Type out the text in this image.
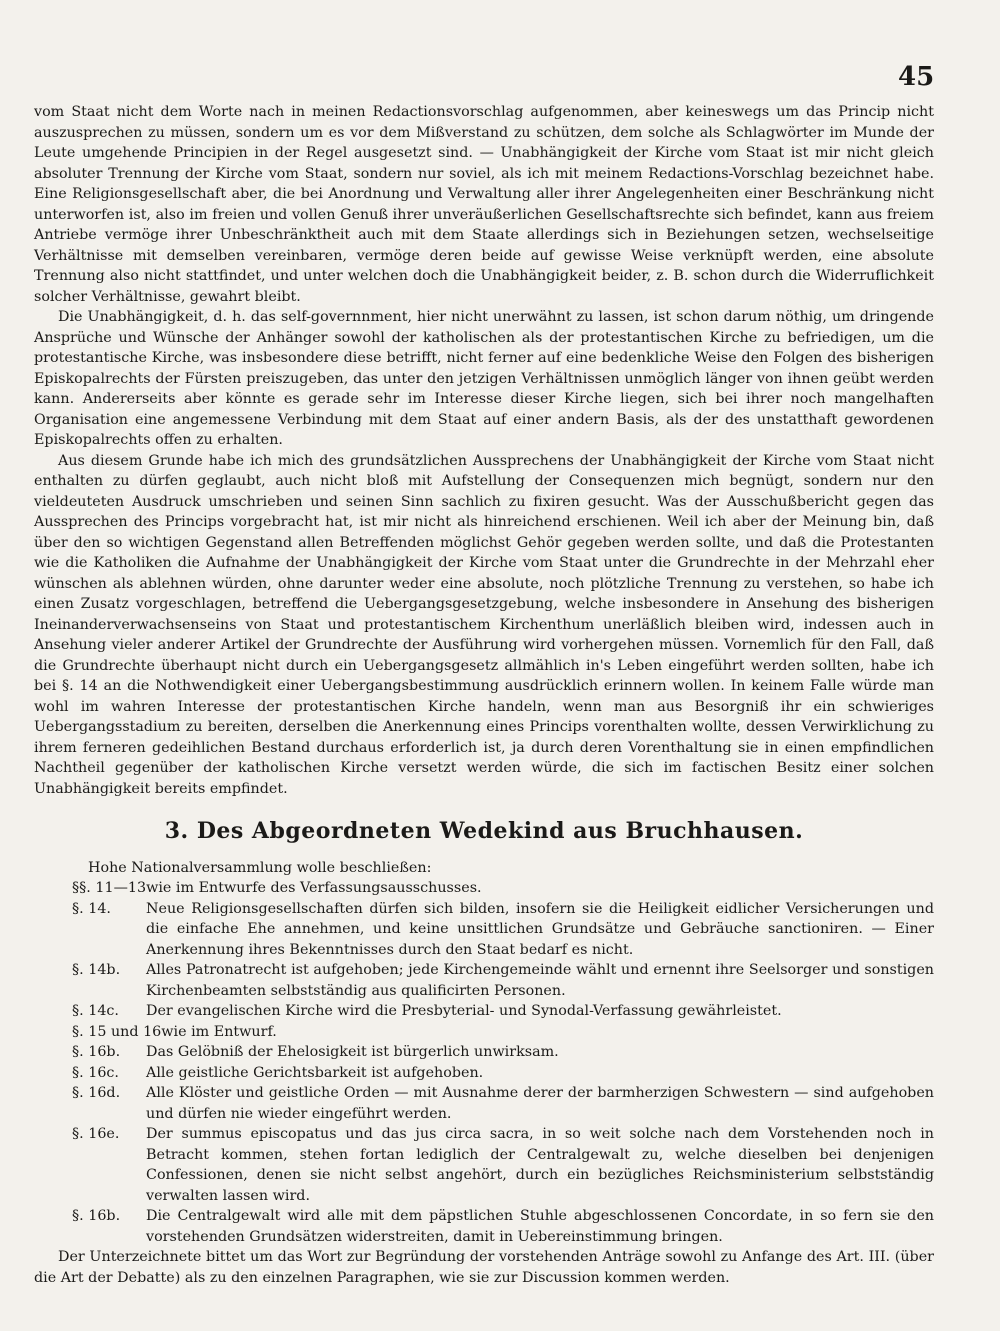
45

vom Staat nicht dem Worte nach in meinen Redactionsvorschlag aufgenommen, aber keineswegs um das Princip nicht auszusprechen zu müssen, sondern um es vor dem Mißverstand zu schützen, dem solche als Schlagwörter im Munde der Leute umgehende Principien in der Regel ausgesetzt sind. — Unabhängigkeit der Kirche vom Staat ist mir nicht gleich absoluter Trennung der Kirche vom Staat, sondern nur soviel, als ich mit meinem Redactions-Vorschlag bezeichnet habe. Eine Religionsgesellschaft aber, die bei Anordnung und Verwaltung aller ihrer Angelegenheiten einer Beschränkung nicht unterworfen ist, also im freien und vollen Genuß ihrer unveräußerlichen Gesellschaftsrechte sich befindet, kann aus freiem Antriebe vermöge ihrer Unbeschränktheit auch mit dem Staate allerdings sich in Beziehungen setzen, wechselseitige Verhältnisse mit demselben vereinbaren, vermöge deren beide auf gewisse Weise verknüpft werden, eine absolute Trennung also nicht stattfindet, und unter welchen doch die Unabhängigkeit beider, z. B. schon durch die Widerruflichkeit solcher Verhältnisse, gewahrt bleibt.

Die Unabhängigkeit, d. h. das self-governnment, hier nicht unerwähnt zu lassen, ist schon darum nöthig, um dringende Ansprüche und Wünsche der Anhänger sowohl der katholischen als der protestantischen Kirche zu befriedigen, um die protestantische Kirche, was insbesondere diese betrifft, nicht ferner auf eine bedenkliche Weise den Folgen des bisherigen Episkopalrechts der Fürsten preiszugeben, das unter den jetzigen Verhältnissen unmöglich länger von ihnen geübt werden kann. Andererseits aber könnte es gerade sehr im Interesse dieser Kirche liegen, sich bei ihrer noch mangelhaften Organisation eine angemessene Verbindung mit dem Staat auf einer andern Basis, als der des unstatthaft gewordenen Episkopalrechts offen zu erhalten.

Aus diesem Grunde habe ich mich des grundsätzlichen Aussprechens der Unabhängigkeit der Kirche vom Staat nicht enthalten zu dürfen geglaubt, auch nicht bloß mit Aufstellung der Consequenzen mich begnügt, sondern nur den vieldeuteten Ausdruck umschrieben und seinen Sinn sachlich zu fixiren gesucht. Was der Ausschußbericht gegen das Aussprechen des Princips vorgebracht hat, ist mir nicht als hinreichend erschienen. Weil ich aber der Meinung bin, daß über den so wichtigen Gegenstand allen Betreffenden möglichst Gehör gegeben werden sollte, und daß die Protestanten wie die Katholiken die Aufnahme der Unabhängigkeit der Kirche vom Staat unter die Grundrechte in der Mehrzahl eher wünschen als ablehnen würden, ohne darunter weder eine absolute, noch plötzliche Trennung zu verstehen, so habe ich einen Zusatz vorgeschlagen, betreffend die Uebergangsgesetzgebung, welche insbesondere in Ansehung des bisherigen Ineinanderverwachsenseins von Staat und protestantischem Kirchenthum unerläßlich bleiben wird, indessen auch in Ansehung vieler anderer Artikel der Grundrechte der Ausführung wird vorhergehen müssen. Vornemlich für den Fall, daß die Grundrechte überhaupt nicht durch ein Uebergangsgesetz allmählich in's Leben eingeführt werden sollten, habe ich bei §. 14 an die Nothwendigkeit einer Uebergangsbestimmung ausdrücklich erinnern wollen. In keinem Falle würde man wohl im wahren Interesse der protestantischen Kirche handeln, wenn man aus Besorgniß ihr ein schwieriges Uebergangsstadium zu bereiten, derselben die Anerkennung eines Princips vorenthalten wollte, dessen Verwirklichung zu ihrem ferneren gedeihlichen Bestand durchaus erforderlich ist, ja durch deren Vorenthaltung sie in einen empfindlichen Nachtheil gegenüber der katholischen Kirche versetzt werden würde, die sich im factischen Besitz einer solchen Unabhängigkeit bereits empfindet.

3. Des Abgeordneten Wedekind aus Bruchhausen.

Hohe Nationalversammlung wolle beschließen:

§§. 11—13 wie im Entwurfe des Verfassungsausschusses.
§. 14.	Neue Religionsgesellschaften dürfen sich bilden, insofern sie die Heiligkeit eidlicher Versicherungen und die einfache Ehe annehmen, und keine unsittlichen Grundsätze und Gebräuche sanctioniren. — Einer Anerkennung ihres Bekenntnisses durch den Staat bedarf es nicht.
§. 14b.	Alles Patronatrecht ist aufgehoben; jede Kirchengemeinde wählt und ernennt ihre Seelsorger und sonstigen Kirchenbeamten selbstständig aus qualificirten Personen.
§. 14c.	Der evangelischen Kirche wird die Presbyterial- und Synodal-Verfassung gewährleistet.
§. 15 und 16 wie im Entwurf.
§. 16b.	Das Gelöbniß der Ehelosigkeit ist bürgerlich unwirksam.
§. 16c.	Alle geistliche Gerichtsbarkeit ist aufgehoben.
§. 16d.	Alle Klöster und geistliche Orden — mit Ausnahme derer der barmherzigen Schwestern — sind aufgehoben und dürfen nie wieder eingeführt werden.
§. 16e.	Der summus episcopatus und das jus circa sacra, in so weit solche nach dem Vorstehenden noch in Betracht kommen, stehen fortan lediglich der Centralgewalt zu, welche dieselben bei denjenigen Confessionen, denen sie nicht selbst angehört, durch ein bezügliches Reichsministerium selbstständig verwalten lassen wird.
§. 16b.	Die Centralgewalt wird alle mit dem päpstlichen Stuhle abgeschlossenen Concordate, in so fern sie den vorstehenden Grundsätzen widerstreiten, damit in Uebereinstimmung bringen.

Der Unterzeichnete bittet um das Wort zur Begründung der vorstehenden Anträge sowohl zu Anfange des Art. III. (über die Art der Debatte) als zu den einzelnen Paragraphen, wie sie zur Discussion kommen werden.
